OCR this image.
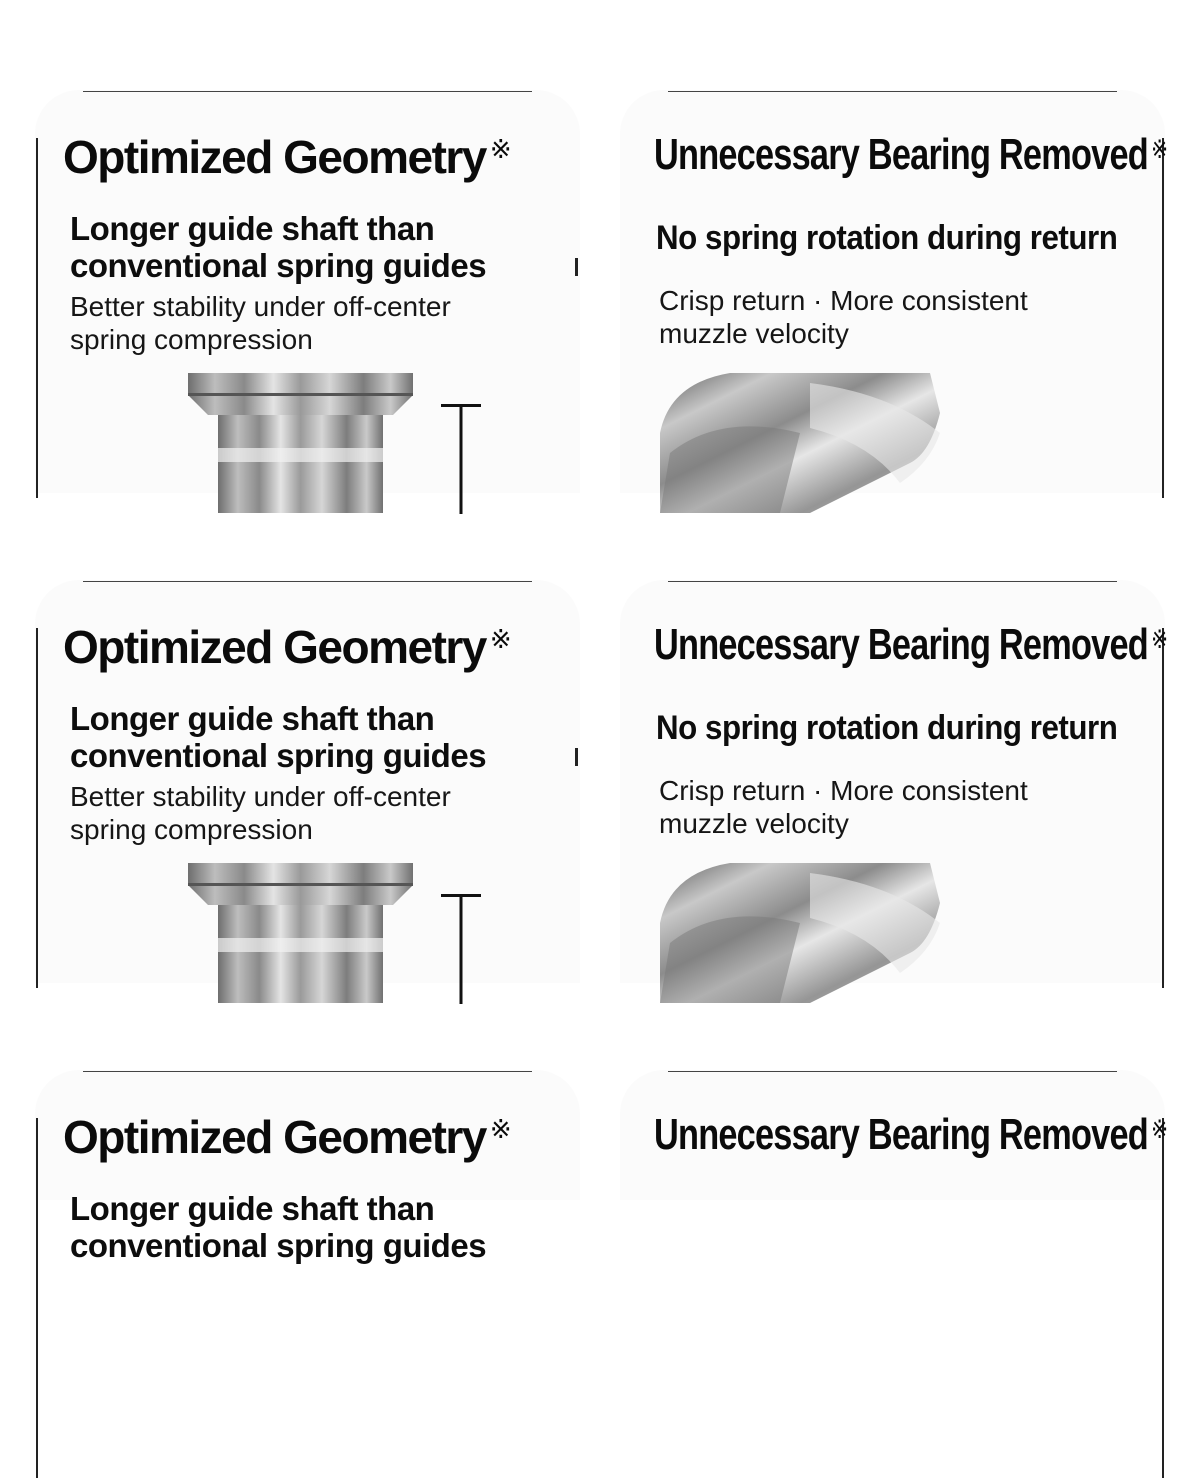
Optimized Geometry ※

Longer guide shaft than
conventional spring guides

Better stability under off-center
spring compression

Unnecessary Bearing Removed ※

No spring rotation during return

Crisp return · More consistent
muzzle velocity

Optimized Geometry ※

Longer guide shaft than
conventional spring guides

Better stability under off-center
spring compression

Unnecessary Bearing Removed ※

No spring rotation during return

Crisp return · More consistent
muzzle velocity

Optimized Geometry ※

Longer guide shaft than
conventional spring guides

Unnecessary Bearing Removed ※
